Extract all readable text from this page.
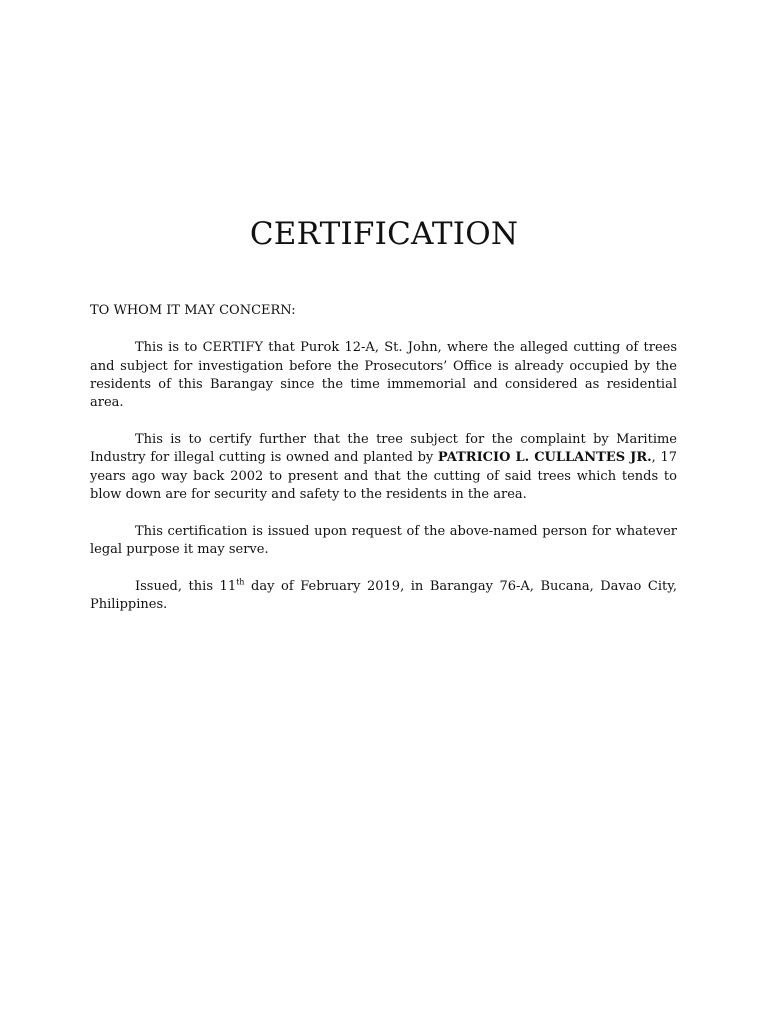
CERTIFICATION

TO WHOM IT MAY CONCERN:

This is to CERTIFY that Purok 12-A, St. John, where the alleged cutting of trees and subject for investigation before the Prosecutors’ Office is already occupied by the residents of this Barangay since the time immemorial and considered as residential area.

This is to certify further that the tree subject for the complaint by Maritime Industry for illegal cutting is owned and planted by PATRICIO L. CULLANTES JR., 17 years ago way back 2002 to present and that the cutting of said trees which tends to blow down are for security and safety to the residents in the area.

This certification is issued upon request of the above-named person for whatever legal purpose it may serve.

Issued, this 11th day of February 2019, in Barangay 76-A, Bucana, Davao City, Philippines.
